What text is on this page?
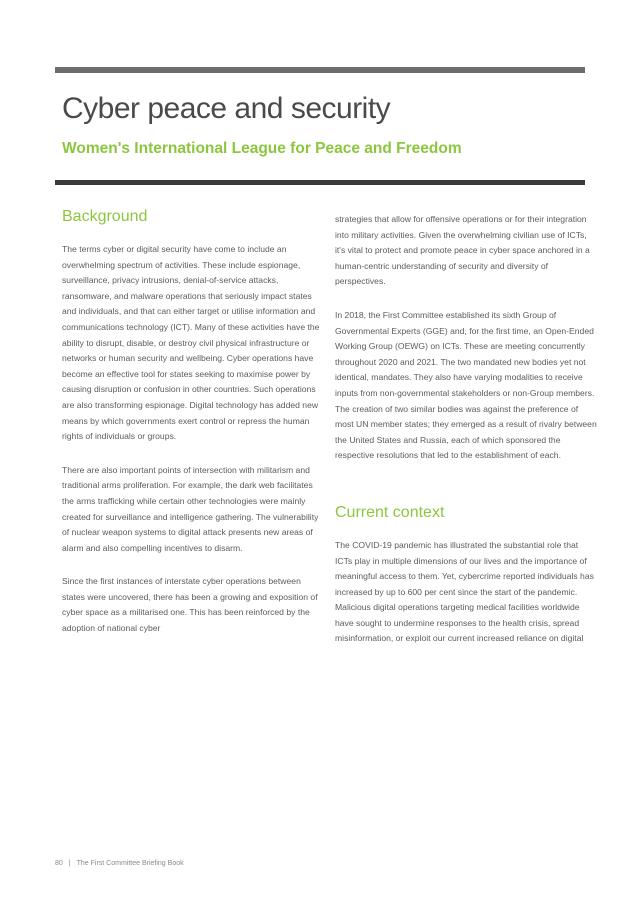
Cyber peace and security
Women's International League for Peace and Freedom
Background

The terms cyber or digital security have come to include an overwhelming spectrum of activities. These include espionage, surveillance, privacy intrusions, denial-of-service attacks, ransomware, and malware operations that seriously impact states and individuals, and that can either target or utilise information and communications technology (ICT). Many of these activities have the ability to disrupt, disable, or destroy civil physical infrastructure or networks or human security and wellbeing. Cyber operations have become an effective tool for states seeking to maximise power by causing disruption or confusion in other countries. Such operations are also transforming espionage. Digital technology has added new means by which governments exert control or repress the human rights of individuals or groups.

There are also important points of intersection with militarism and traditional arms proliferation. For example, the dark web facilitates the arms trafficking while certain other technologies were mainly created for surveillance and intelligence gathering. The vulnerability of nuclear weapon systems to digital attack presents new areas of alarm and also compelling incentives to disarm.

Since the first instances of interstate cyber operations between states were uncovered, there has been a growing and exposition of cyber space as a militarised one. This has been reinforced by the adoption of national cyber

strategies that allow for offensive operations or for their integration into military activities. Given the overwhelming civilian use of ICTs, it's vital to protect and promote peace in cyber space anchored in a human-centric understanding of security and diversity of perspectives.

In 2018, the First Committee established its sixth Group of Governmental Experts (GGE) and, for the first time, an Open-Ended Working Group (OEWG) on ICTs. These are meeting concurrently throughout 2020 and 2021. The two mandated new bodies yet not identical, mandates. They also have varying modalities to receive inputs from non-governmental stakeholders or non-Group members. The creation of two similar bodies was against the preference of most UN member states; they emerged as a result of rivalry between the United States and Russia, each of which sponsored the respective resolutions that led to the establishment of each.

Current context

The COVID-19 pandemic has illustrated the substantial role that ICTs play in multiple dimensions of our lives and the importance of meaningful access to them. Yet, cybercrime reported individuals has increased by up to 600 per cent since the start of the pandemic. Malicious digital operations targeting medical facilities worldwide have sought to undermine responses to the health crisis, spread misinformation, or exploit our current increased reliance on digital

80 | The First Committee Briefing Book
